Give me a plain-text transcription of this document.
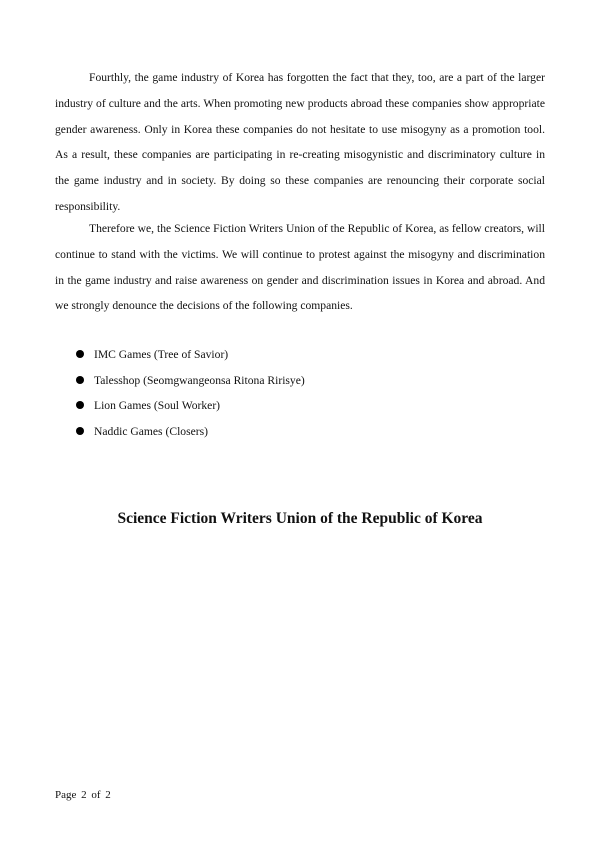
Fourthly, the game industry of Korea has forgotten the fact that they, too, are a part of the larger industry of culture and the arts. When promoting new products abroad these companies show appropriate gender awareness. Only in Korea these companies do not hesitate to use misogyny as a promotion tool. As a result, these companies are participating in re-creating misogynistic and discriminatory culture in the game industry and in society. By doing so these companies are renouncing their corporate social responsibility.

Therefore we, the Science Fiction Writers Union of the Republic of Korea, as fellow creators, will continue to stand with the victims. We will continue to protest against the misogyny and discrimination in the game industry and raise awareness on gender and discrimination issues in Korea and abroad. And we strongly denounce the decisions of the following companies.

IMC Games (Tree of Savior)
Talesshop (Seomgwangeonsa Ritona Ririsye)
Lion Games (Soul Worker)
Naddic Games (Closers)

Science Fiction Writers Union of the Republic of Korea

Page 2 of 2
